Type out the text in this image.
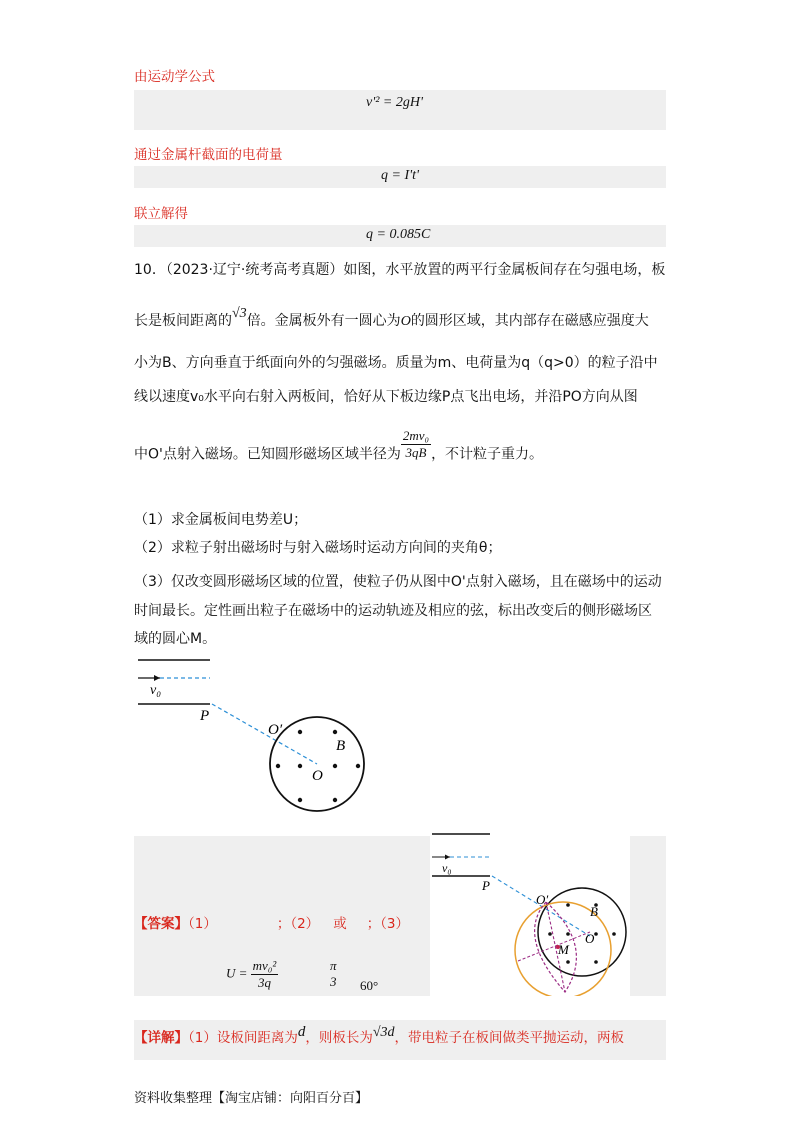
由运动学公式
v'² = 2gH'
通过金属杆截面的电荷量
q = I't'
联立解得
q = 0.085C
10．（2023·辽宁·统考高考真题）如图，水平放置的两平行金属板间存在匀强电场，板
长是板间距离的√3倍。金属板外有一圆心为O的圆形区域，其内部存在磁感应强度大
小为B、方向垂直于纸面向外的匀强磁场。质量为m、电荷量为q（q>0）的粒子沿中
线以速度v₀水平向右射入两板间，恰好从下板边缘P点飞出电场，并沿PO方向从图
中O'点射入磁场。已知圆形磁场区域半径为 $\frac{\text{2mv₀}}{3qB}$ ，不计粒子重力。
（1）求金属板间电势差U；
（2）求粒子射出磁场时与射入磁场时运动方向间的夹角θ；
（3）仅改变圆形磁场区域的位置，使粒子仍从图中O'点射入磁场，且在磁场中的运动
时间最长。定性画出粒子在磁场中的运动轨迹及相应的弦，标出改变后的侧形磁场区
域的圆心M。
v₀
P
O′
B
O
【答案】（1）	；（2） 或 ；（3）
$U = \frac{\text{mv₀²}}{3q}$	π
3 60°
v₀
P
O′
B
M
O
【详解】（1）设板间距离为d，则板长为√3d，带电粒子在板间做类平抛运动，两板
资料收集整理【淘宝店铺：向阳百分百】
